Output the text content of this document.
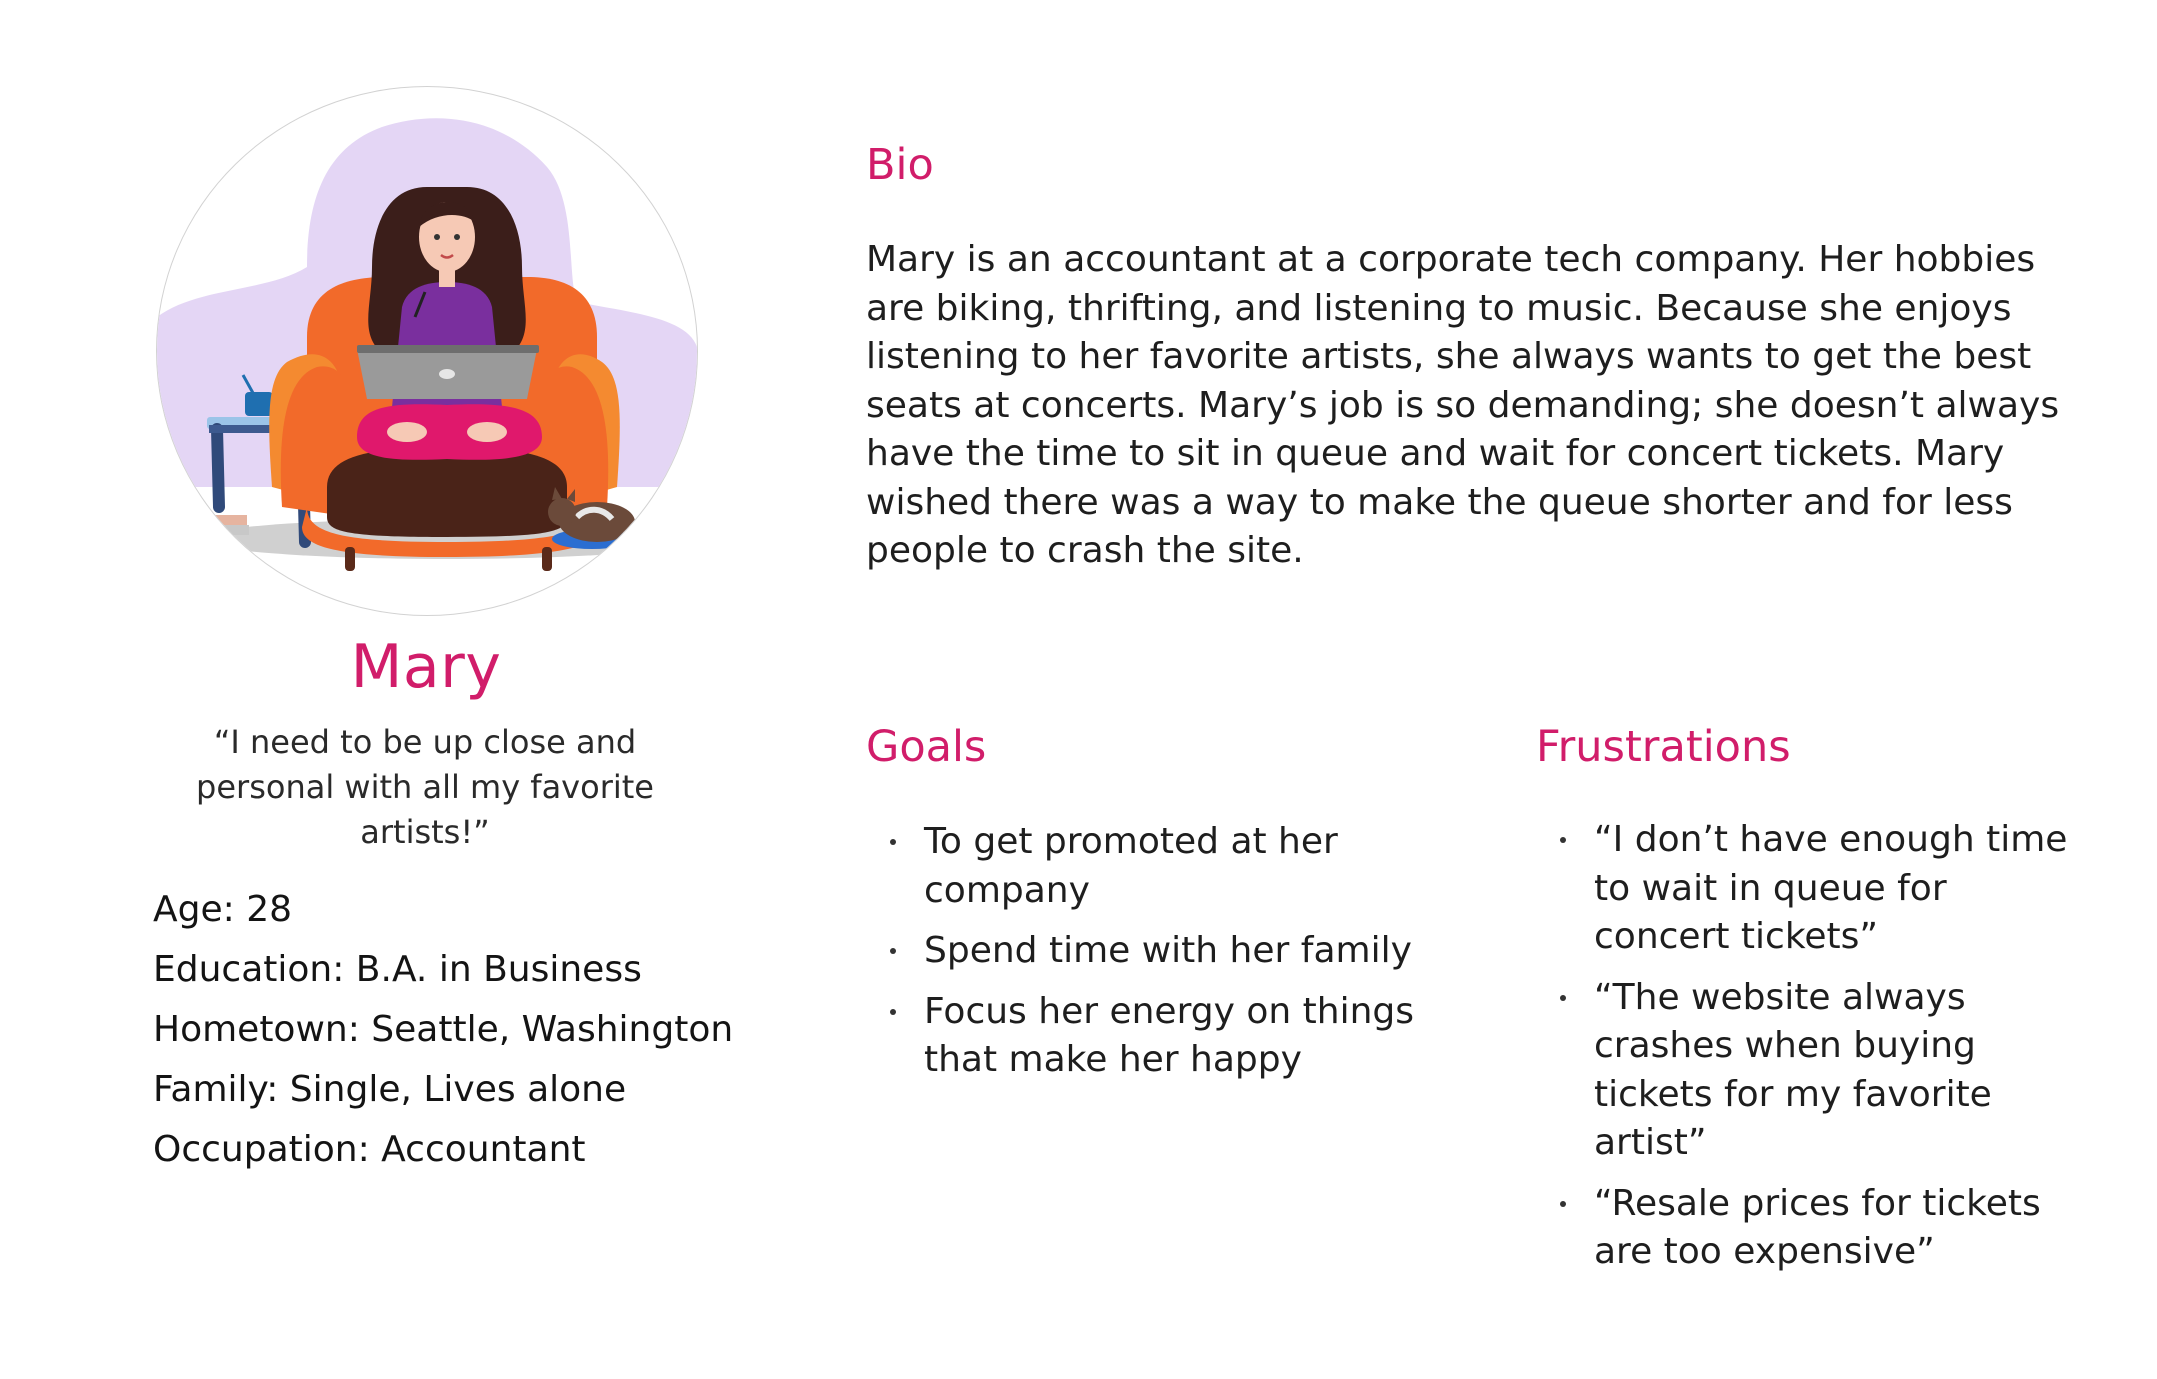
Mary
“I need to be up close and personal with all my favorite artists!”
Age: 28
Education: B.A. in Business
Hometown: Seattle, Washington
Family: Single, Lives alone
Occupation: Accountant
Bio
Mary is an accountant at a corporate tech company. Her hobbies are biking, thrifting, and listening to music. Because she enjoys listening to her favorite artists, she always wants to get the best seats at concerts. Mary’s job is so demanding; she doesn’t always have the time to sit in queue and wait for concert tickets. Mary wished there was a way to make the queue shorter and for less people to crash the site.
Goals
To get promoted at her company
Spend time with her family
Focus her energy on things that make her happy
Frustrations
“I don’t have enough time to wait in queue for concert tickets”
“The website always crashes when buying tickets for my favorite artist”
“Resale prices for tickets are too expensive”
